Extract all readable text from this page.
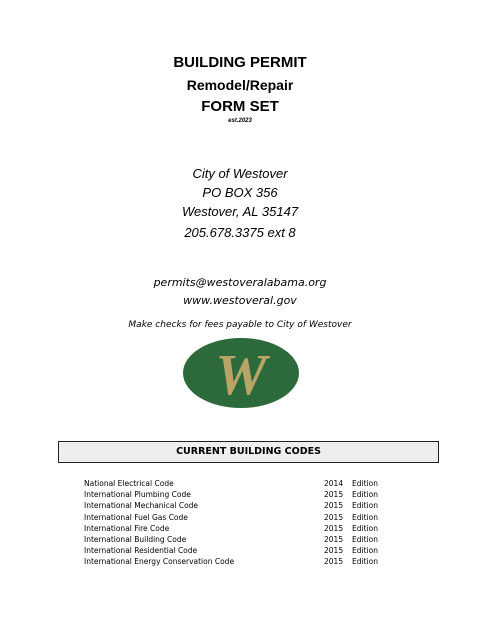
BUILDING PERMIT
Remodel/Repair
FORM SET
est.2023
City of Westover
PO BOX 356
Westover, AL 35147
205.678.3375 ext 8
permits@westoveralabama.org
www.westoveral.gov
Make checks for fees payable to City of Westover
W
CURRENT BUILDING CODES
National Electrical Code	2014 Edition
International Plumbing Code	2015 Edition
International Mechanical Code	2015 Edition
International Fuel Gas Code	2015 Edition
International Fire Code	2015 Edition
International Building Code	2015 Edition
International Residential Code	2015 Edition
International Energy Conservation Code	2015 Edition
